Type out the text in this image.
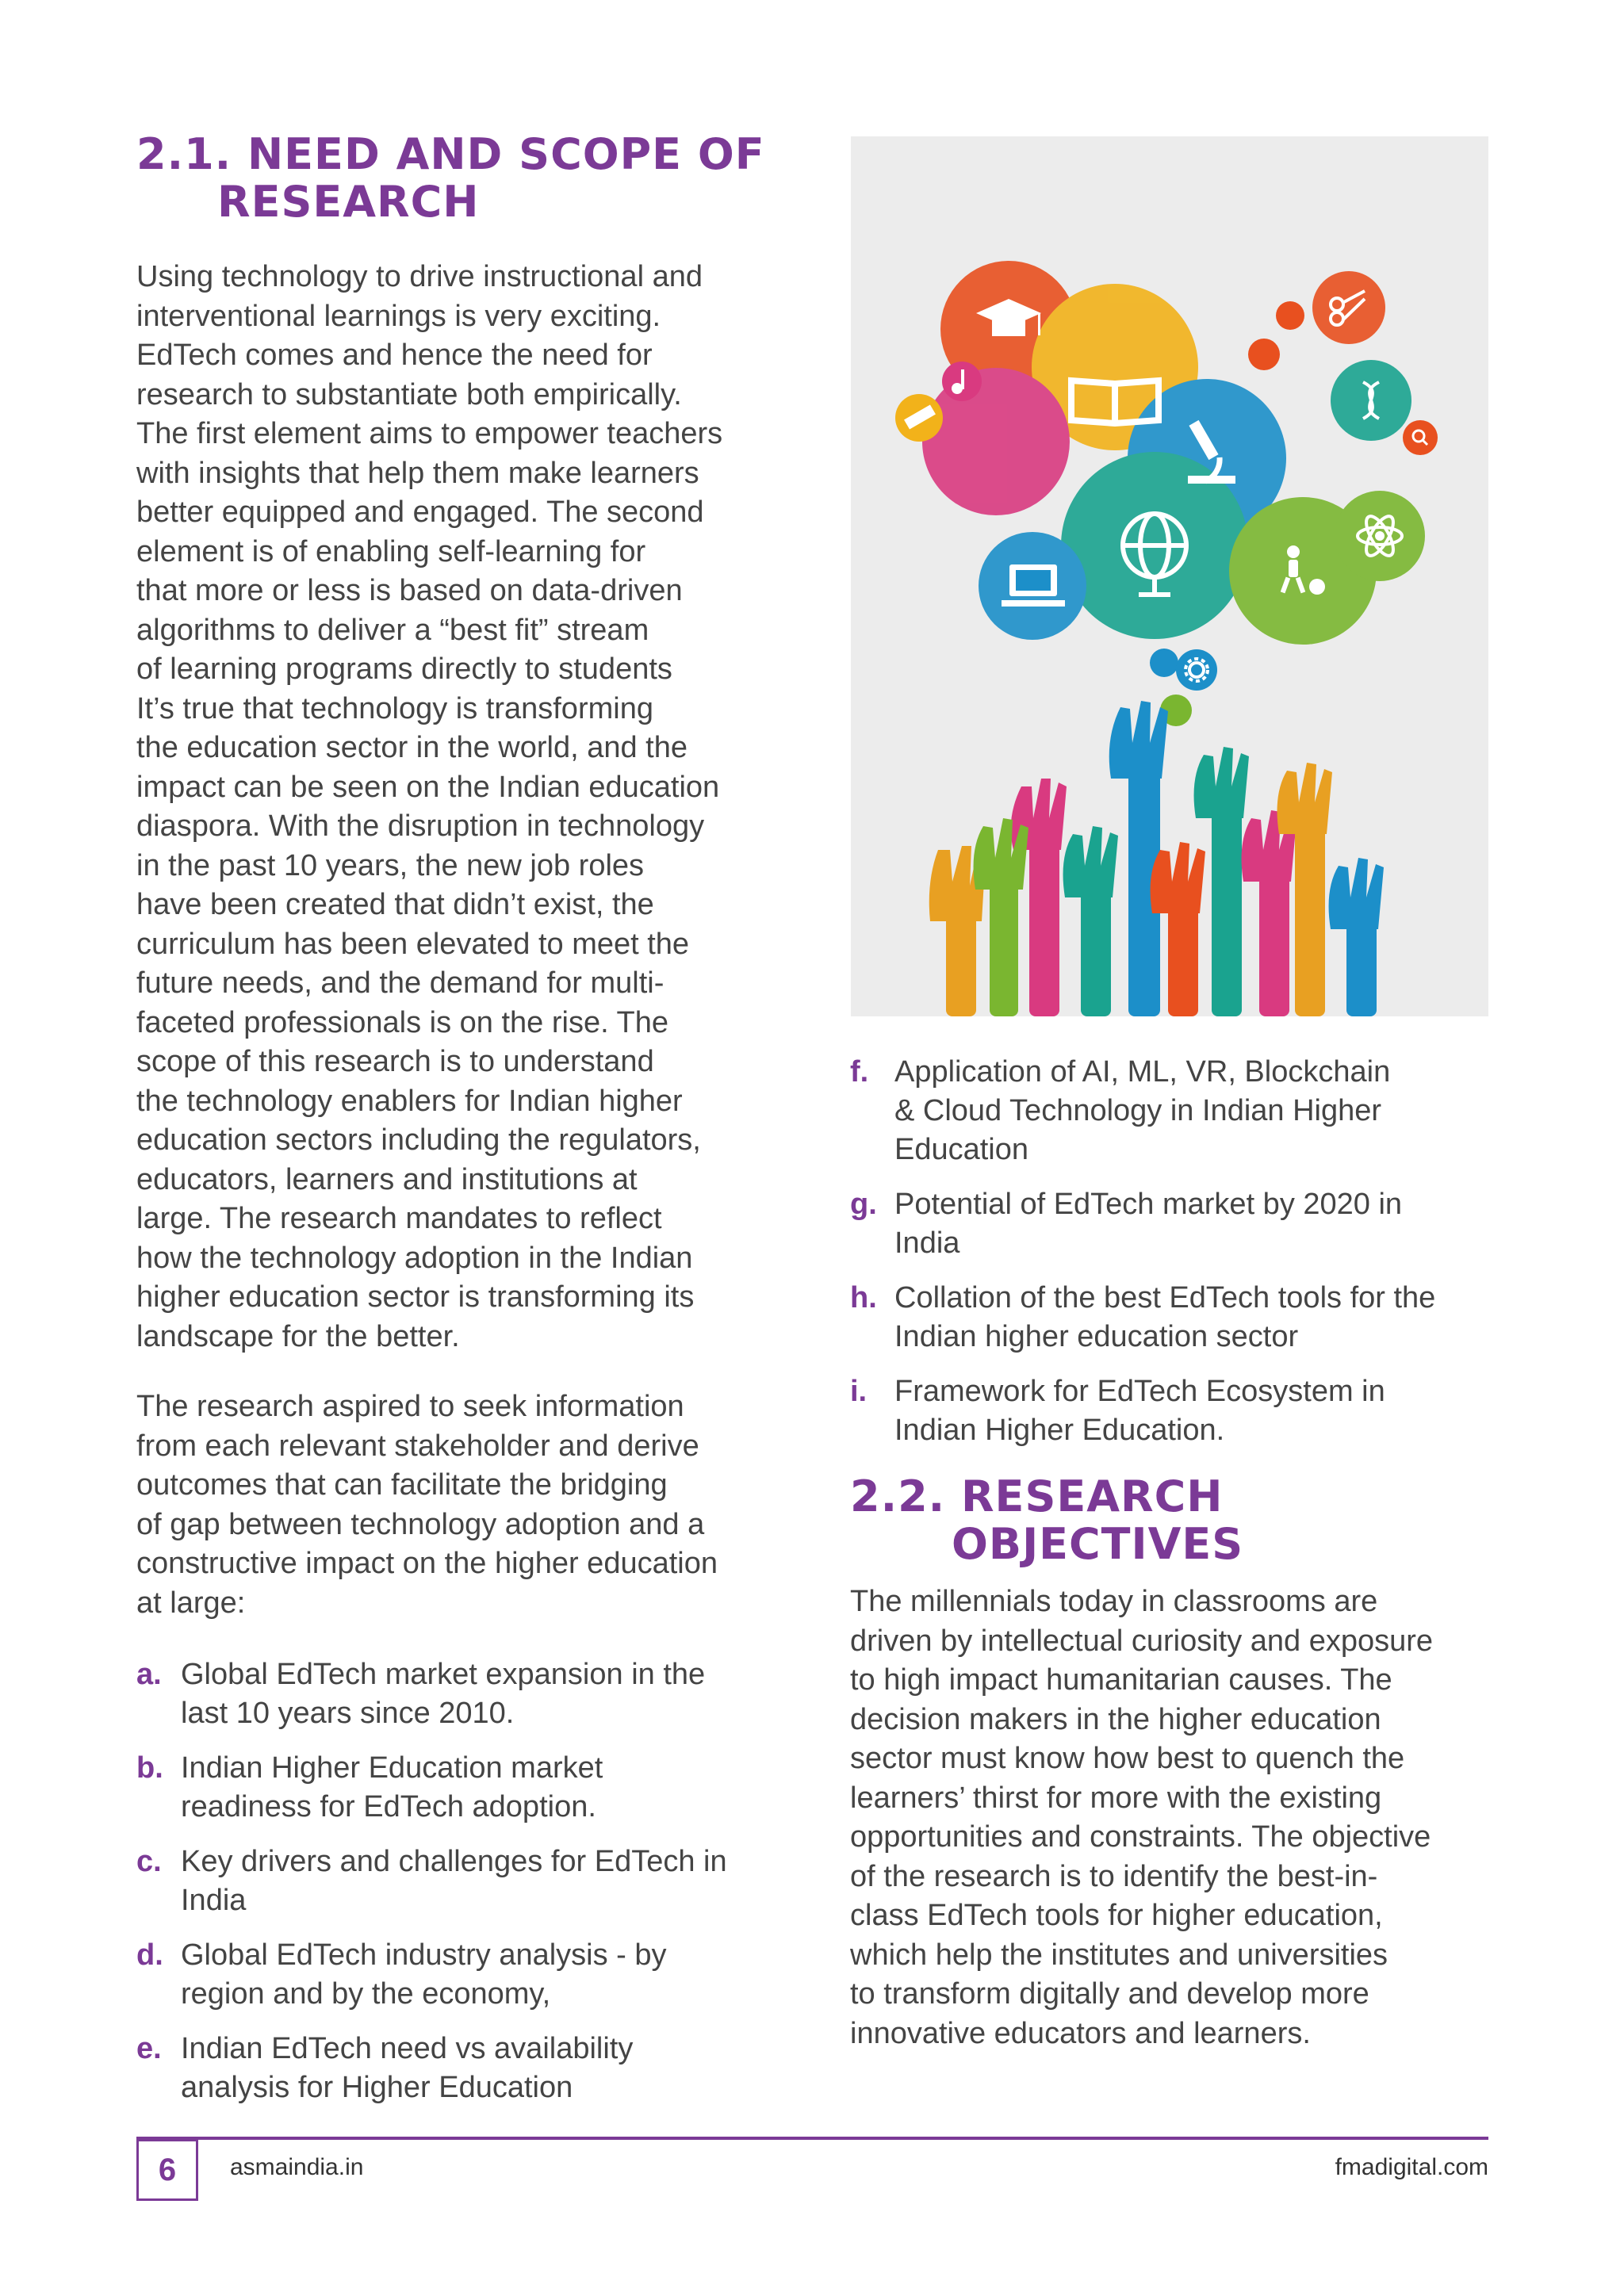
2.1. NEED AND SCOPE OF
RESEARCH

Using technology to drive instructional and
interventional learnings is very exciting.
EdTech comes and hence the need for
research to substantiate both empirically.
The first element aims to empower teachers
with insights that help them make learners
better equipped and engaged. The second
element is of enabling self-learning for
that more or less is based on data-driven
algorithms to deliver a “best fit” stream
of learning programs directly to students
It’s true that technology is transforming
the education sector in the world, and the
impact can be seen on the Indian education
diaspora. With the disruption in technology
in the past 10 years, the new job roles
have been created that didn’t exist, the
curriculum has been elevated to meet the
future needs, and the demand for multi-
faceted professionals is on the rise. The
scope of this research is to understand
the technology enablers for Indian higher
education sectors including the regulators,
educators, learners and institutions at
large. The research mandates to reflect
how the technology adoption in the Indian
higher education sector is transforming its
landscape for the better.

The research aspired to seek information
from each relevant stakeholder and derive
outcomes that can facilitate the bridging
of gap between technology adoption and a
constructive impact on the higher education
at large:

a. Global EdTech market expansion in the
last 10 years since 2010.
b. Indian Higher Education market
readiness for EdTech adoption.
c. Key drivers and challenges for EdTech in
India
d. Global EdTech industry analysis - by
region and by the economy,
e. Indian EdTech need vs availability
analysis for Higher Education
f. Application of AI, ML, VR, Blockchain
& Cloud Technology in Indian Higher
Education
g. Potential of EdTech market by 2020 in
India
h. Collation of the best EdTech tools for the
Indian higher education sector
i. Framework for EdTech Ecosystem in
Indian Higher Education.
2.2. RESEARCH
OBJECTIVES

The millennials today in classrooms are
driven by intellectual curiosity and exposure
to high impact humanitarian causes. The
decision makers in the higher education
sector must know how best to quench the
learners’ thirst for more with the existing
opportunities and constraints. The objective
of the research is to identify the best-in-
class EdTech tools for higher education,
which help the institutes and universities
to transform digitally and develop more
innovative educators and learners.

6	asmaindia.in	fmadigital.com
